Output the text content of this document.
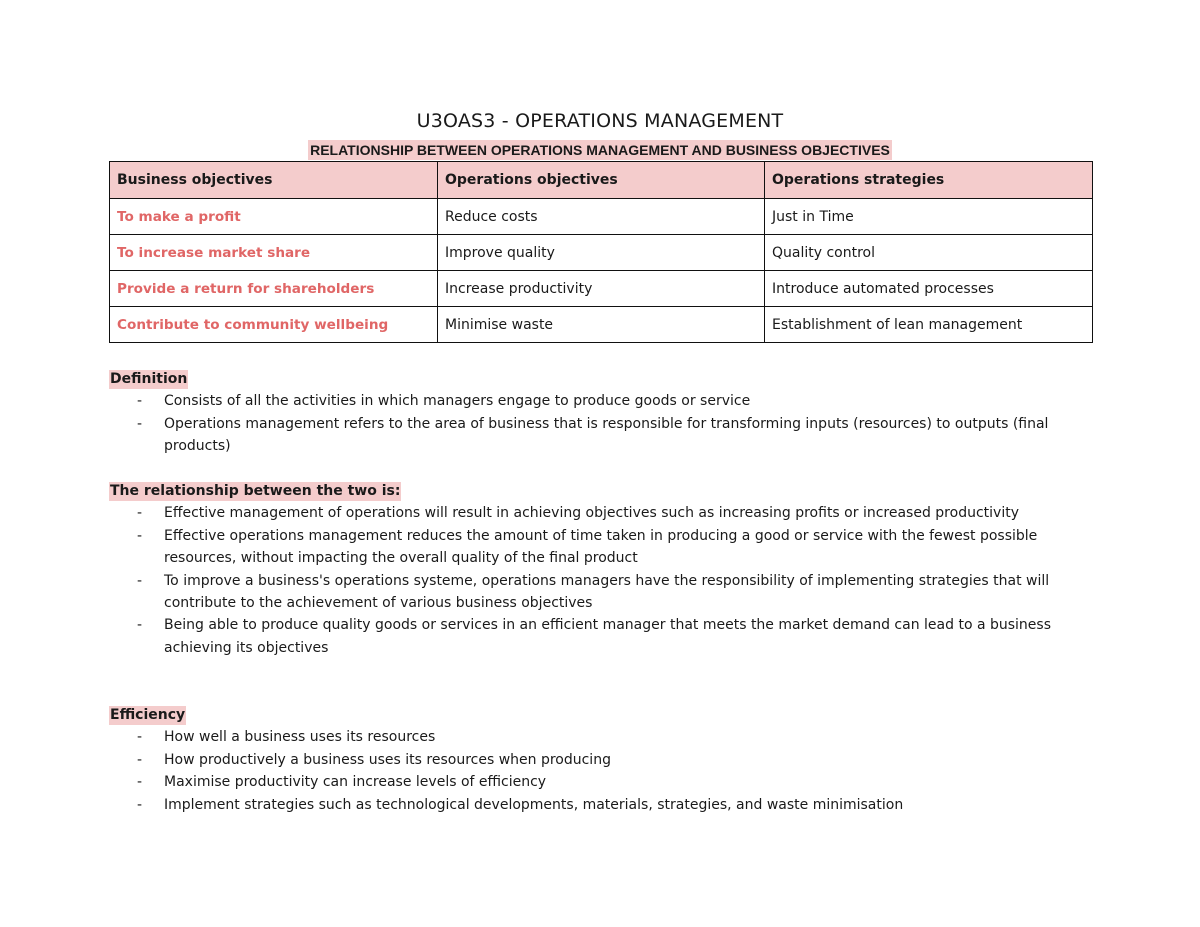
U3OAS3 - OPERATIONS MANAGEMENT
RELATIONSHIP BETWEEN OPERATIONS MANAGEMENT AND BUSINESS OBJECTIVES
Business objectives	Operations objectives	Operations strategies
To make a profit	Reduce costs	Just in Time
To increase market share	Improve quality	Quality control
Provide a return for shareholders	Increase productivity	Introduce automated processes
Contribute to community wellbeing	Minimise waste	Establishment of lean management
Definition
- Consists of all the activities in which managers engage to produce goods or service
- Operations management refers to the area of business that is responsible for transforming inputs (resources) to outputs (final products)
The relationship between the two is:
- Effective management of operations will result in achieving objectives such as increasing profits or increased productivity
- Effective operations management reduces the amount of time taken in producing a good or service with the fewest possible resources, without impacting the overall quality of the final product
- To improve a business's operations systeme, operations managers have the responsibility of implementing strategies that will contribute to the achievement of various business objectives
- Being able to produce quality goods or services in an efficient manager that meets the market demand can lead to a business achieving its objectives
Efficiency
- How well a business uses its resources
- How productively a business uses its resources when producing
- Maximise productivity can increase levels of efficiency
- Implement strategies such as technological developments, materials, strategies, and waste minimisation
